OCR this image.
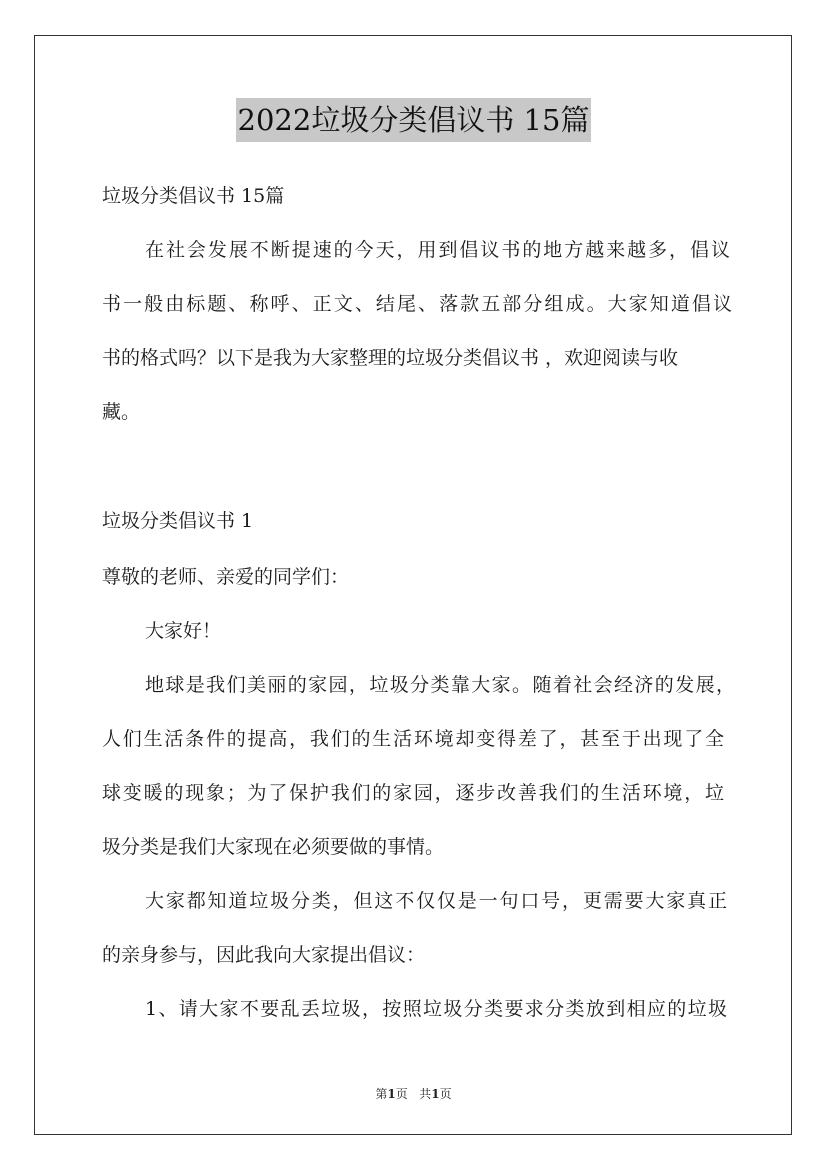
2022垃圾分类倡议书 15篇

垃圾分类倡议书 15篇

在社会发展不断提速的今天，用到倡议书的地方越来越多，倡议

书一般由标题、称呼、正文、结尾、落款五部分组成。大家知道倡议

书的格式吗？以下是我为大家整理的垃圾分类倡议书 ，欢迎阅读与收

藏。

垃圾分类倡议书 1

尊敬的老师、亲爱的同学们：

大家好！

地球是我们美丽的家园，垃圾分类靠大家。随着社会经济的发展，

人们生活条件的提高，我们的生活环境却变得差了，甚至于出现了全

球变暖的现象；为了保护我们的家园，逐步改善我们的生活环境，垃

圾分类是我们大家现在必须要做的事情。

大家都知道垃圾分类，但这不仅仅是一句口号，更需要大家真正

的亲身参与，因此我向大家提出倡议：

1、请大家不要乱丢垃圾，按照垃圾分类要求分类放到相应的垃圾

第1页 共1页
